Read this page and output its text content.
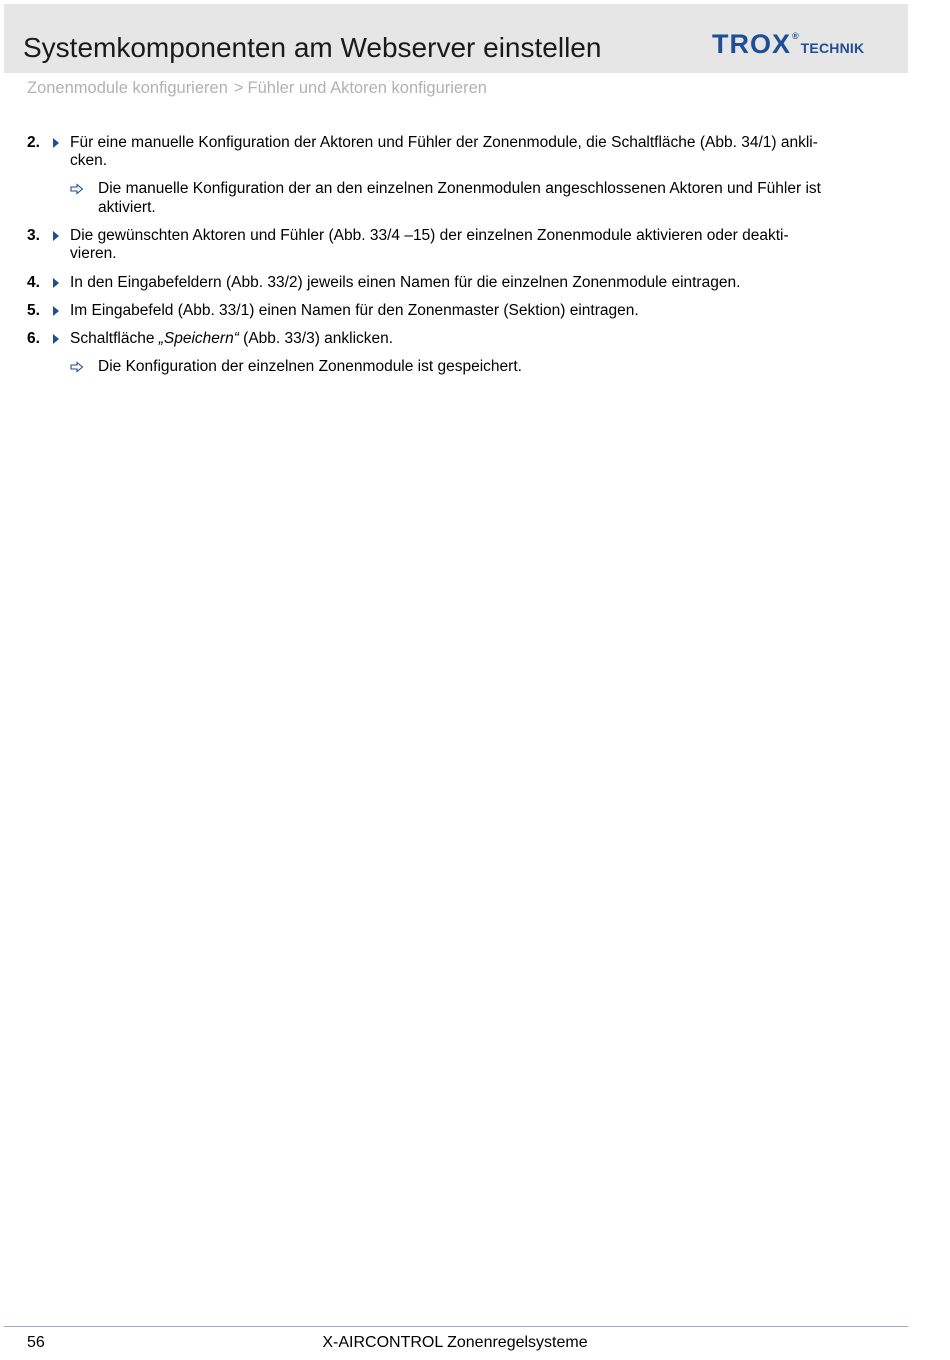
Systemkomponenten am Webserver einstellen	TROX ®
TECHNIK
Zonenmodule konfigurieren > Fühler und Aktoren konfigurieren
2. Für eine manuelle Konfiguration der Aktoren und Fühler der Zonenmodule, die Schaltfläche (Abb. 34/1) ankli-
cken.
Die manuelle Konfiguration der an den einzelnen Zonenmodulen angeschlossenen Aktoren und Fühler ist
aktiviert.
3. Die gewünschten Aktoren und Fühler (Abb. 33/4 –15) der einzelnen Zonenmodule aktivieren oder deakti-
vieren.
4. In den Eingabefeldern (Abb. 33/2) jeweils einen Namen für die einzelnen Zonenmodule eintragen.
5. Im Eingabefeld (Abb. 33/1) einen Namen für den Zonenmaster (Sektion) eintragen.
6. Schaltfläche „Speichern“ (Abb. 33/3) anklicken.
Die Konfiguration der einzelnen Zonenmodule ist gespeichert.
56	X-AIRCONTROL Zonenregelsysteme
